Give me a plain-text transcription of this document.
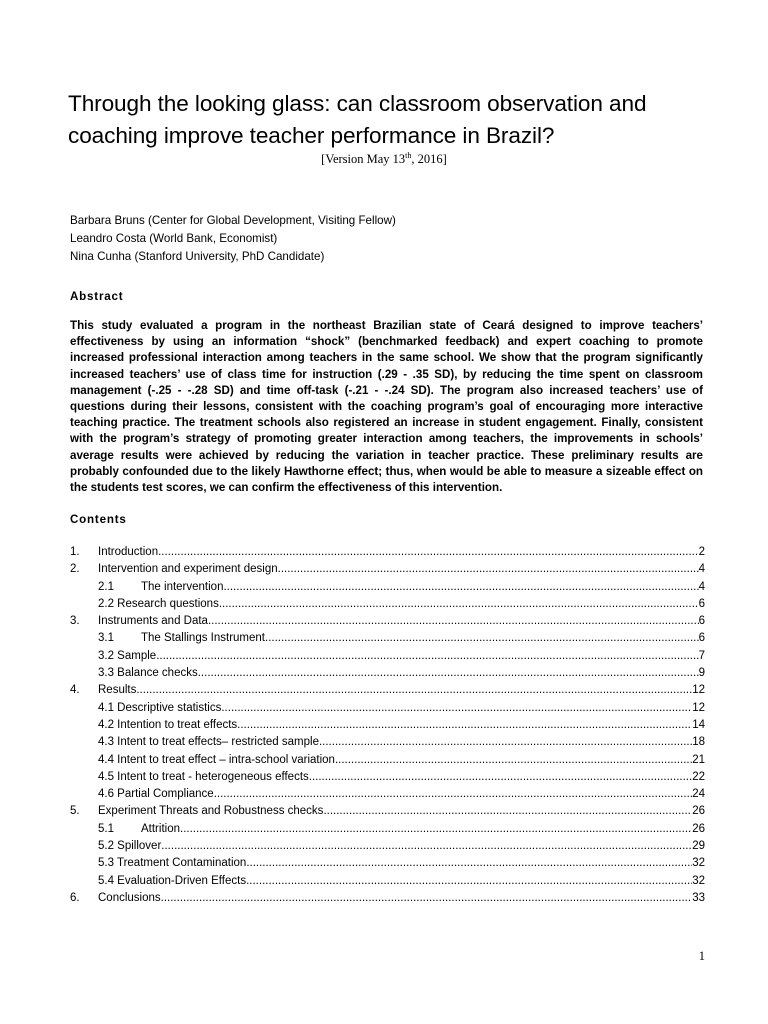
Through the looking glass: can classroom observation and coaching improve teacher performance in Brazil?
[Version May 13th, 2016]
Barbara Bruns (Center for Global Development, Visiting Fellow)
Leandro Costa (World Bank, Economist)
Nina Cunha (Stanford University, PhD Candidate)
Abstract
This study evaluated a program in the northeast Brazilian state of Ceará designed to improve teachers’ effectiveness by using an information “shock” (benchmarked feedback) and expert coaching to promote increased professional interaction among teachers in the same school. We show that the program significantly increased teachers’ use of class time for instruction (.29 - .35 SD), by reducing the time spent on classroom management (-.25 - -.28 SD) and time off-task (-.21 - -.24 SD). The program also increased teachers’ use of questions during their lessons, consistent with the coaching program’s goal of encouraging more interactive teaching practice. The treatment schools also registered an increase in student engagement. Finally, consistent with the program’s strategy of promoting greater interaction among teachers, the improvements in schools’ average results were achieved by reducing the variation in teacher practice. These preliminary results are probably confounded due to the likely Hawthorne effect; thus, when would be able to measure a sizeable effect on the students test scores, we can confirm the effectiveness of this intervention.
Contents
1. Introduction .....	2
2. Intervention and experiment design .....	4
2.1 The intervention .....	4
2.2 Research questions .....	6
3. Instruments and Data .....	6
3.1 The Stallings Instrument .....	6
3.2 Sample .....	7
3.3 Balance checks .....	9
4. Results .....	12
4.1 Descriptive statistics .....	12
4.2 Intention to treat effects .....	14
4.3 Intent to treat effects– restricted sample .....	18
4.4 Intent to treat effect – intra-school variation .....	21
4.5 Intent to treat - heterogeneous effects .....	22
4.6 Partial Compliance .....	24
5. Experiment Threats and Robustness checks .....	26
5.1 Attrition .....	26
5.2 Spillover .....	29
5.3 Treatment Contamination .....	32
5.4 Evaluation-Driven Effects .....	32
6. Conclusions .....	33
1
